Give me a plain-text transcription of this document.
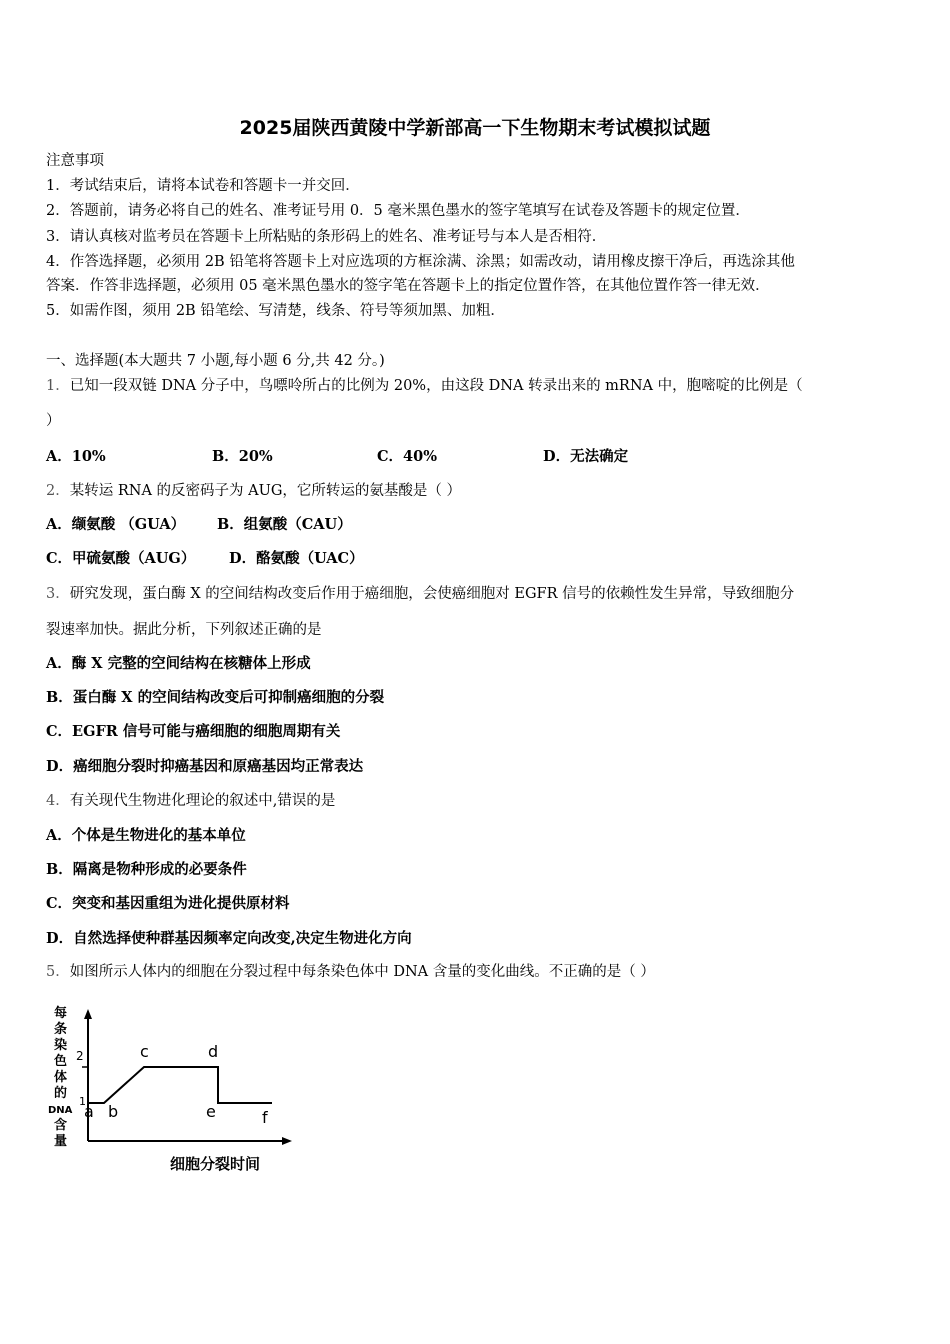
2025届陕西黄陵中学新部高一下生物期末考试模拟试题
注意事项
1．考试结束后，请将本试卷和答题卡一并交回．
2．答题前，请务必将自己的姓名、准考证号用 0．5 毫米黑色墨水的签字笔填写在试卷及答题卡的规定位置．
3．请认真核对监考员在答题卡上所粘贴的条形码上的姓名、准考证号与本人是否相符．
4．作答选择题，必须用 2B 铅笔将答题卡上对应选项的方框涂满、涂黑；如需改动，请用橡皮擦干净后，再选涂其他
答案．作答非选择题，必须用 05 毫米黑色墨水的签字笔在答题卡上的指定位置作答，在其他位置作答一律无效．
5．如需作图，须用 2B 铅笔绘、写清楚，线条、符号等须加黑、加粗．
一、选择题(本大题共 7 小题,每小题 6 分,共 42 分。)
1．已知一段双链 DNA 分子中，鸟嘌呤所占的比例为 20%，由这段 DNA 转录出来的 mRNA 中，胞嘧啶的比例是（
）
A．10%	B．20%	C．40%	D．无法确定
2．某转运 RNA 的反密码子为 AUG，它所转运的氨基酸是（ ）
A．缬氨酸 （GUA） B．组氨酸（CAU）
C．甲硫氨酸（AUG） D．酪氨酸（UAC）
3．研究发现，蛋白酶 X 的空间结构改变后作用于癌细胞，会使癌细胞对 EGFR 信号的依赖性发生异常，导致细胞分
裂速率加快。据此分析，下列叙述正确的是
A．酶 X 完整的空间结构在核糖体上形成
B．蛋白酶 X 的空间结构改变后可抑制癌细胞的分裂
C．EGFR 信号可能与癌细胞的细胞周期有关
D．癌细胞分裂时抑癌基因和原癌基因均正常表达
4．有关现代生物进化理论的叙述中,错误的是
A．个体是生物进化的基本单位
B．隔离是物种形成的必要条件
C．突变和基因重组为进化提供原材料
D．自然选择使种群基因频率定向改变,决定生物进化方向
5．如图所示人体内的细胞在分裂过程中每条染色体中 DNA 含量的变化曲线。不正确的是（ ）
每
条
染
色
体
的
DNA
含
量
2
1
a b
c	d
e	f
细胞分裂时间
